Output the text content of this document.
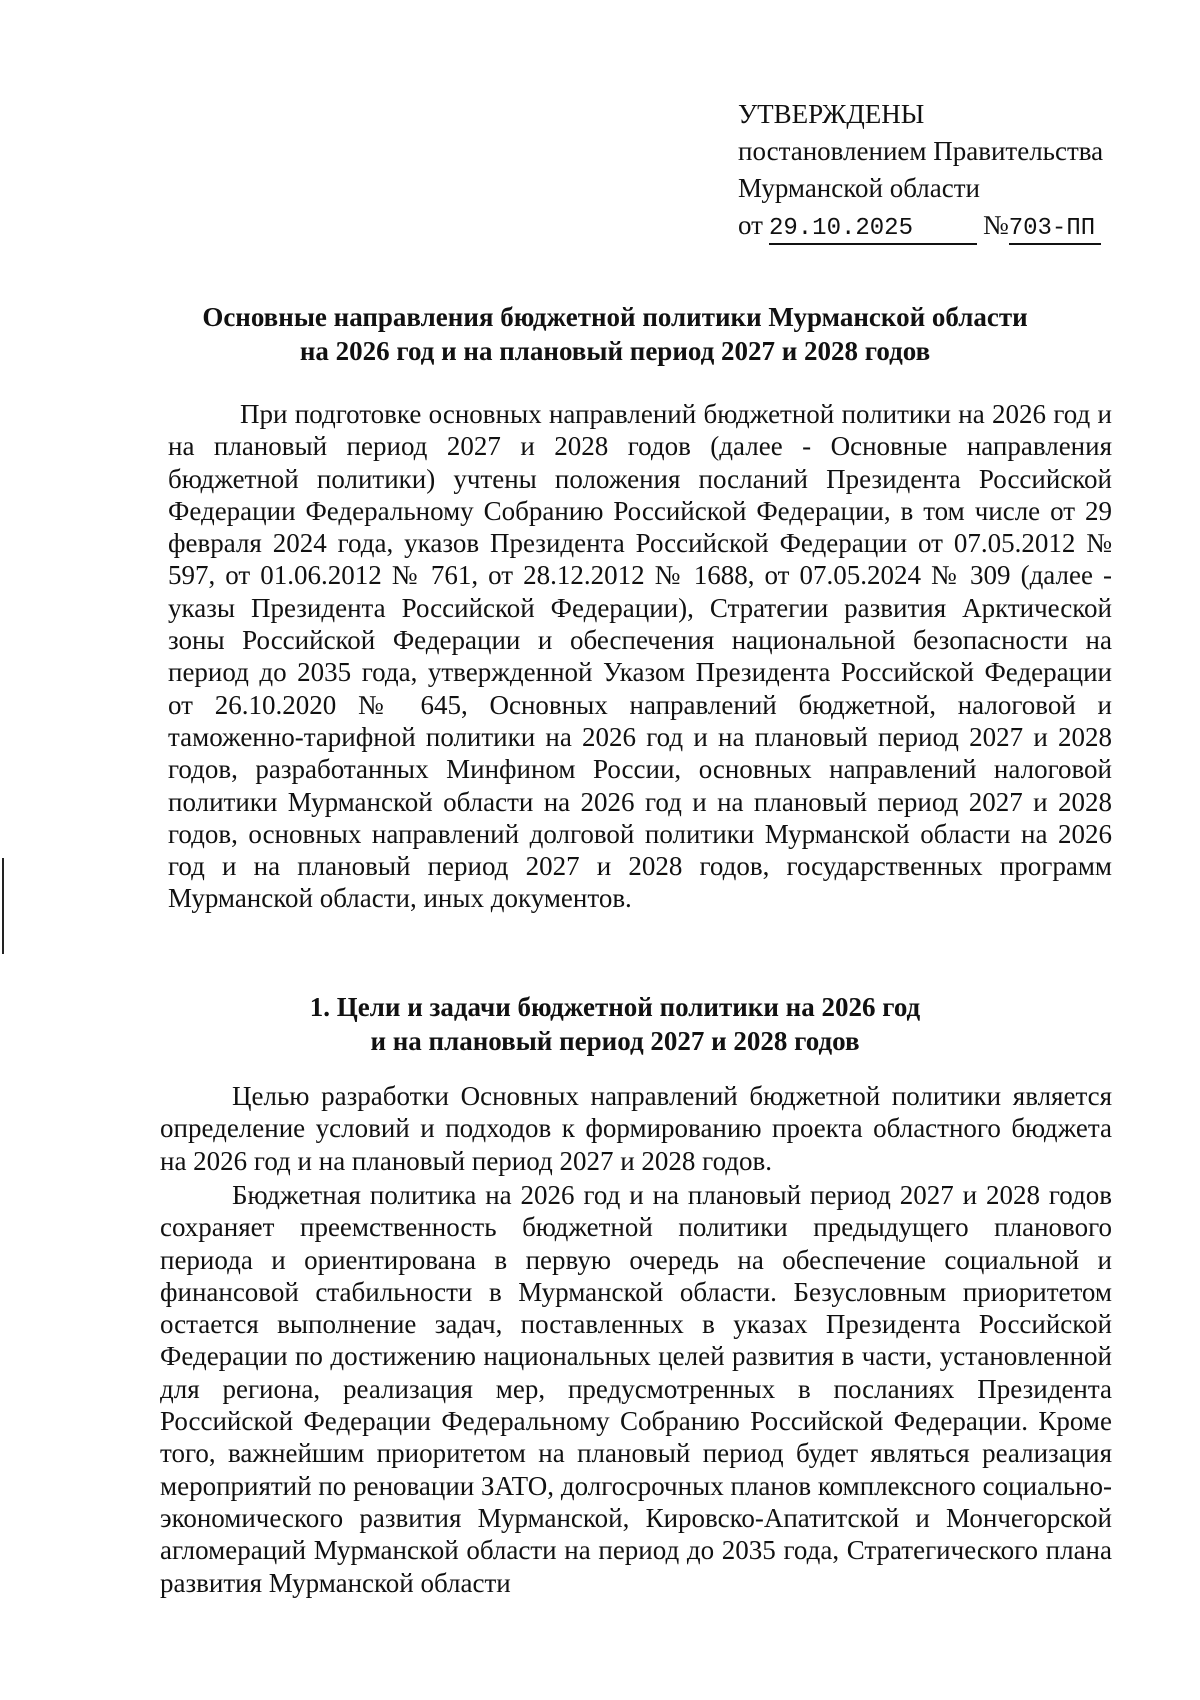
УТВЕРЖДЕНЫ
постановлением Правительства
Мурманской области
от 29.10.2025	№703-ПП
Основные направления бюджетной политики Мурманской области
на 2026 год и на плановый период 2027 и 2028 годов
При подготовке основных направлений бюджетной политики на 2026 год и на плановый период 2027 и 2028 годов (далее - Основные направления бюджетной политики) учтены положения посланий Президента Российской Федерации Федеральному Собранию Российской Федерации, в том числе от 29 февраля 2024 года, указов Президента Российской Федерации от 07.05.2012 № 597, от 01.06.2012 № 761, от 28.12.2012 № 1688, от 07.05.2024 № 309 (далее - указы Президента Российской Федерации), Стратегии развития Арктической зоны Российской Федерации и обеспечения национальной безопасности на период до 2035 года, утвержденной Указом Президента Российской Федерации от 26.10.2020 № 645, Основных направлений бюджетной, налоговой и таможенно-тарифной политики на 2026 год и на плановый период 2027 и 2028 годов, разработанных Минфином России, основных направлений налоговой политики Мурманской области на 2026 год и на плановый период 2027 и 2028 годов, основных направлений долговой политики Мурманской области на 2026 год и на плановый период 2027 и 2028 годов, государственных программ Мурманской области, иных документов.
1. Цели и задачи бюджетной политики на 2026 год
и на плановый период 2027 и 2028 годов
Целью разработки Основных направлений бюджетной политики является определение условий и подходов к формированию проекта областного бюджета на 2026 год и на плановый период 2027 и 2028 годов.
Бюджетная политика на 2026 год и на плановый период 2027 и 2028 годов сохраняет преемственность бюджетной политики предыдущего планового периода и ориентирована в первую очередь на обеспечение социальной и финансовой стабильности в Мурманской области. Безусловным приоритетом остается выполнение задач, поставленных в указах Президента Российской Федерации по достижению национальных целей развития в части, установленной для региона, реализация мер, предусмотренных в посланиях Президента Российской Федерации Федеральному Собранию Российской Федерации. Кроме того, важнейшим приоритетом на плановый период будет являться реализация мероприятий по реновации ЗАТО, долгосрочных планов комплексного социально-экономического развития Мурманской, Кировско-Апатитской и Мончегорской агломераций Мурманской области на период до 2035 года, Стратегического плана развития Мурманской области
